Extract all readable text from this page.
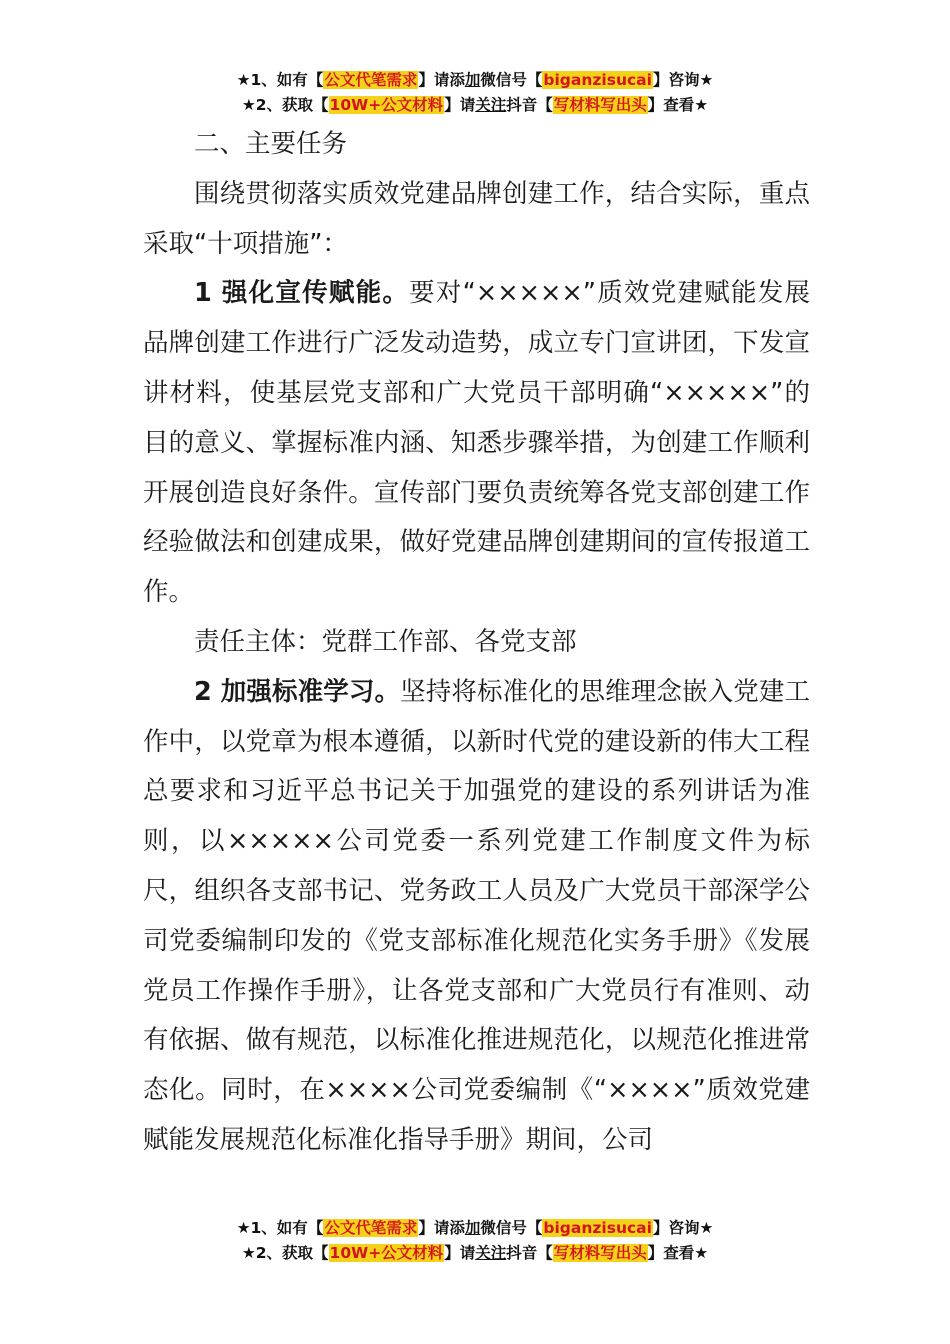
★1、如有【公文代笔需求】请添加微信号【biganzisucai】咨询★
★2、获取【10W+公文材料】请关注抖音【写材料写出头】查看★

二、主要任务

围绕贯彻落实质效党建品牌创建工作，结合实际，重点采取“十项措施”：

1 强化宣传赋能。要对“×××××”质效党建赋能发展品牌创建工作进行广泛发动造势，成立专门宣讲团，下发宣讲材料，使基层党支部和广大党员干部明确“×××××”的目的意义、掌握标准内涵、知悉步骤举措，为创建工作顺利开展创造良好条件。宣传部门要负责统筹各党支部创建工作经验做法和创建成果，做好党建品牌创建期间的宣传报道工作。

责任主体：党群工作部、各党支部

2 加强标准学习。坚持将标准化的思维理念嵌入党建工作中，以党章为根本遵循，以新时代党的建设新的伟大工程总要求和习近平总书记关于加强党的建设的系列讲话为准则，以×××××公司党委一系列党建工作制度文件为标尺，组织各支部书记、党务政工人员及广大党员干部深学公司党委编制印发的《党支部标准化规范化实务手册》《发展党员工作操作手册》，让各党支部和广大党员行有准则、动有依据、做有规范，以标准化推进规范化，以规范化推进常态化。同时，在××××公司党委编制《“××××”质效党建赋能发展规范化标准化指导手册》期间，公司

★1、如有【公文代笔需求】请添加微信号【biganzisucai】咨询★
★2、获取【10W+公文材料】请关注抖音【写材料写出头】查看★
